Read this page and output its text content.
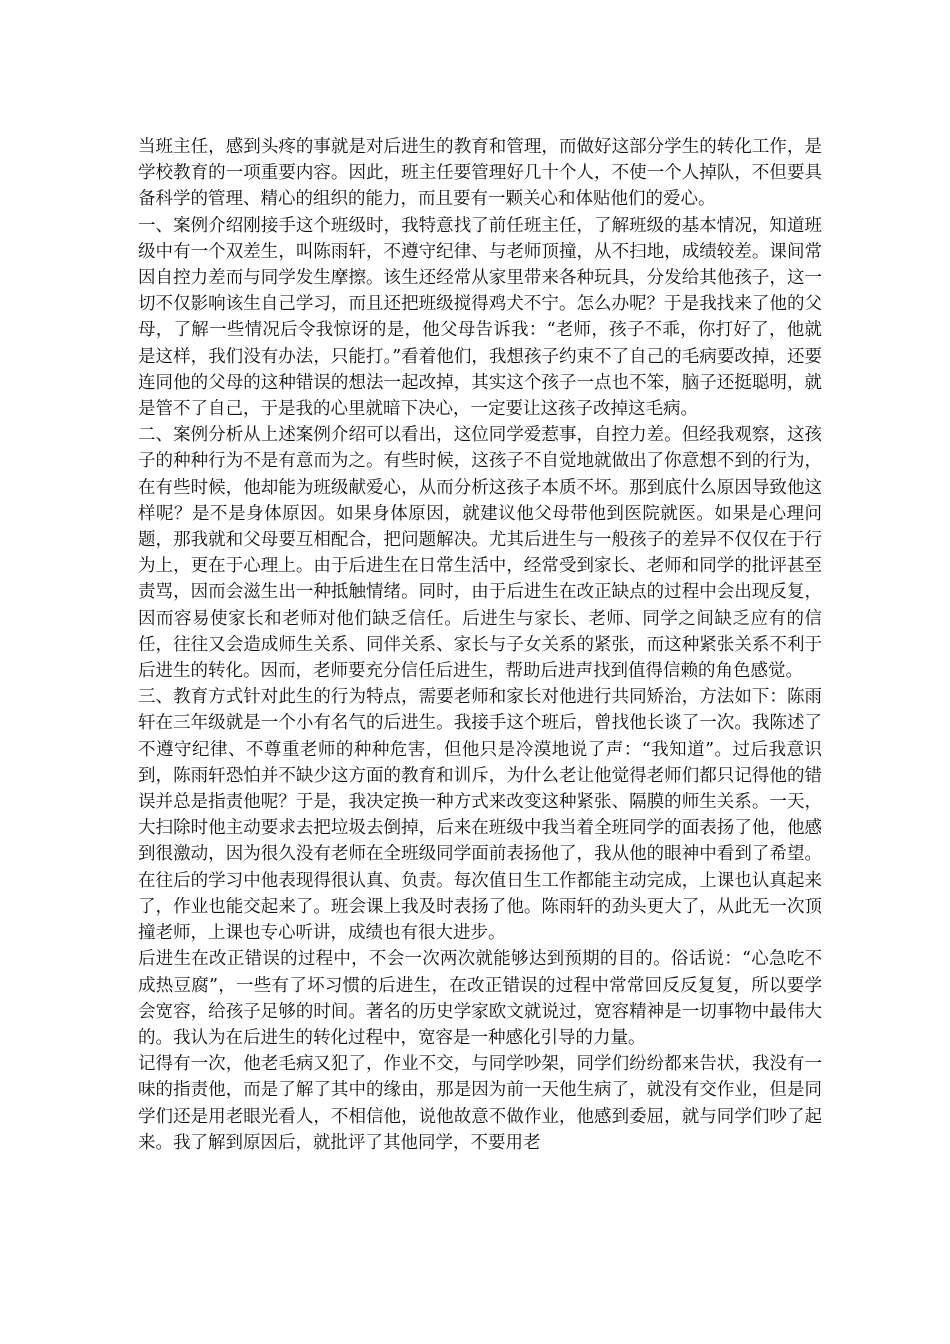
当班主任，感到头疼的事就是对后进生的教育和管理，而做好这部分学生的转化工作，是学校教育的一项重要内容。因此，班主任要管理好几十个人，不使一个人掉队，不但要具备科学的管理、精心的组织的能力，而且要有一颗关心和体贴他们的爱心。

一、案例介绍刚接手这个班级时，我特意找了前任班主任，了解班级的基本情况，知道班级中有一个双差生，叫陈雨轩，不遵守纪律、与老师顶撞，从不扫地，成绩较差。课间常因自控力差而与同学发生摩擦。该生还经常从家里带来各种玩具，分发给其他孩子，这一切不仅影响该生自己学习，而且还把班级搅得鸡犬不宁。怎么办呢？于是我找来了他的父母，了解一些情况后令我惊讶的是，他父母告诉我：“老师，孩子不乖，你打好了，他就是这样，我们没有办法，只能打。”看着他们，我想孩子约束不了自己的毛病要改掉，还要连同他的父母的这种错误的想法一起改掉，其实这个孩子一点也不笨，脑子还挺聪明，就是管不了自己，于是我的心里就暗下决心，一定要让这孩子改掉这毛病。

二、案例分析从上述案例介绍可以看出，这位同学爱惹事，自控力差。但经我观察，这孩子的种种行为不是有意而为之。有些时候，这孩子不自觉地就做出了你意想不到的行为，在有些时候，他却能为班级献爱心，从而分析这孩子本质不坏。那到底什么原因导致他这样呢？是不是身体原因。如果身体原因，就建议他父母带他到医院就医。如果是心理问题，那我就和父母要互相配合，把问题解决。尤其后进生与一般孩子的差异不仅仅在于行为上，更在于心理上。由于后进生在日常生活中，经常受到家长、老师和同学的批评甚至责骂，因而会滋生出一种抵触情绪。同时，由于后进生在改正缺点的过程中会出现反复，因而容易使家长和老师对他们缺乏信任。后进生与家长、老师、同学之间缺乏应有的信任，往往又会造成师生关系、同伴关系、家长与子女关系的紧张，而这种紧张关系不利于后进生的转化。因而，老师要充分信任后进生，帮助后进声找到值得信赖的角色感觉。

三、教育方式针对此生的行为特点，需要老师和家长对他进行共同矫治，方法如下：陈雨轩在三年级就是一个小有名气的后进生。我接手这个班后，曾找他长谈了一次。我陈述了不遵守纪律、不尊重老师的种种危害，但他只是冷漠地说了声：“我知道”。过后我意识到，陈雨轩恐怕并不缺少这方面的教育和训斥，为什么老让他觉得老师们都只记得他的错误并总是指责他呢？于是，我决定换一种方式来改变这种紧张、隔膜的师生关系。一天，大扫除时他主动要求去把垃圾去倒掉，后来在班级中我当着全班同学的面表扬了他，他感到很激动，因为很久没有老师在全班级同学面前表扬他了，我从他的眼神中看到了希望。在往后的学习中他表现得很认真、负责。每次值日生工作都能主动完成，上课也认真起来了，作业也能交起来了。班会课上我及时表扬了他。陈雨轩的劲头更大了，从此无一次顶撞老师，上课也专心听讲，成绩也有很大进步。

后进生在改正错误的过程中，不会一次两次就能够达到预期的目的。俗话说：“心急吃不成热豆腐”，一些有了坏习惯的后进生，在改正错误的过程中常常回反反复复，所以要学会宽容，给孩子足够的时间。著名的历史学家欧文就说过，宽容精神是一切事物中最伟大的。我认为在后进生的转化过程中，宽容是一种感化引导的力量。

记得有一次，他老毛病又犯了，作业不交，与同学吵架，同学们纷纷都来告状，我没有一味的指责他，而是了解了其中的缘由，那是因为前一天他生病了，就没有交作业，但是同学们还是用老眼光看人，不相信他，说他故意不做作业，他感到委屈，就与同学们吵了起来。我了解到原因后，就批评了其他同学，不要用老
